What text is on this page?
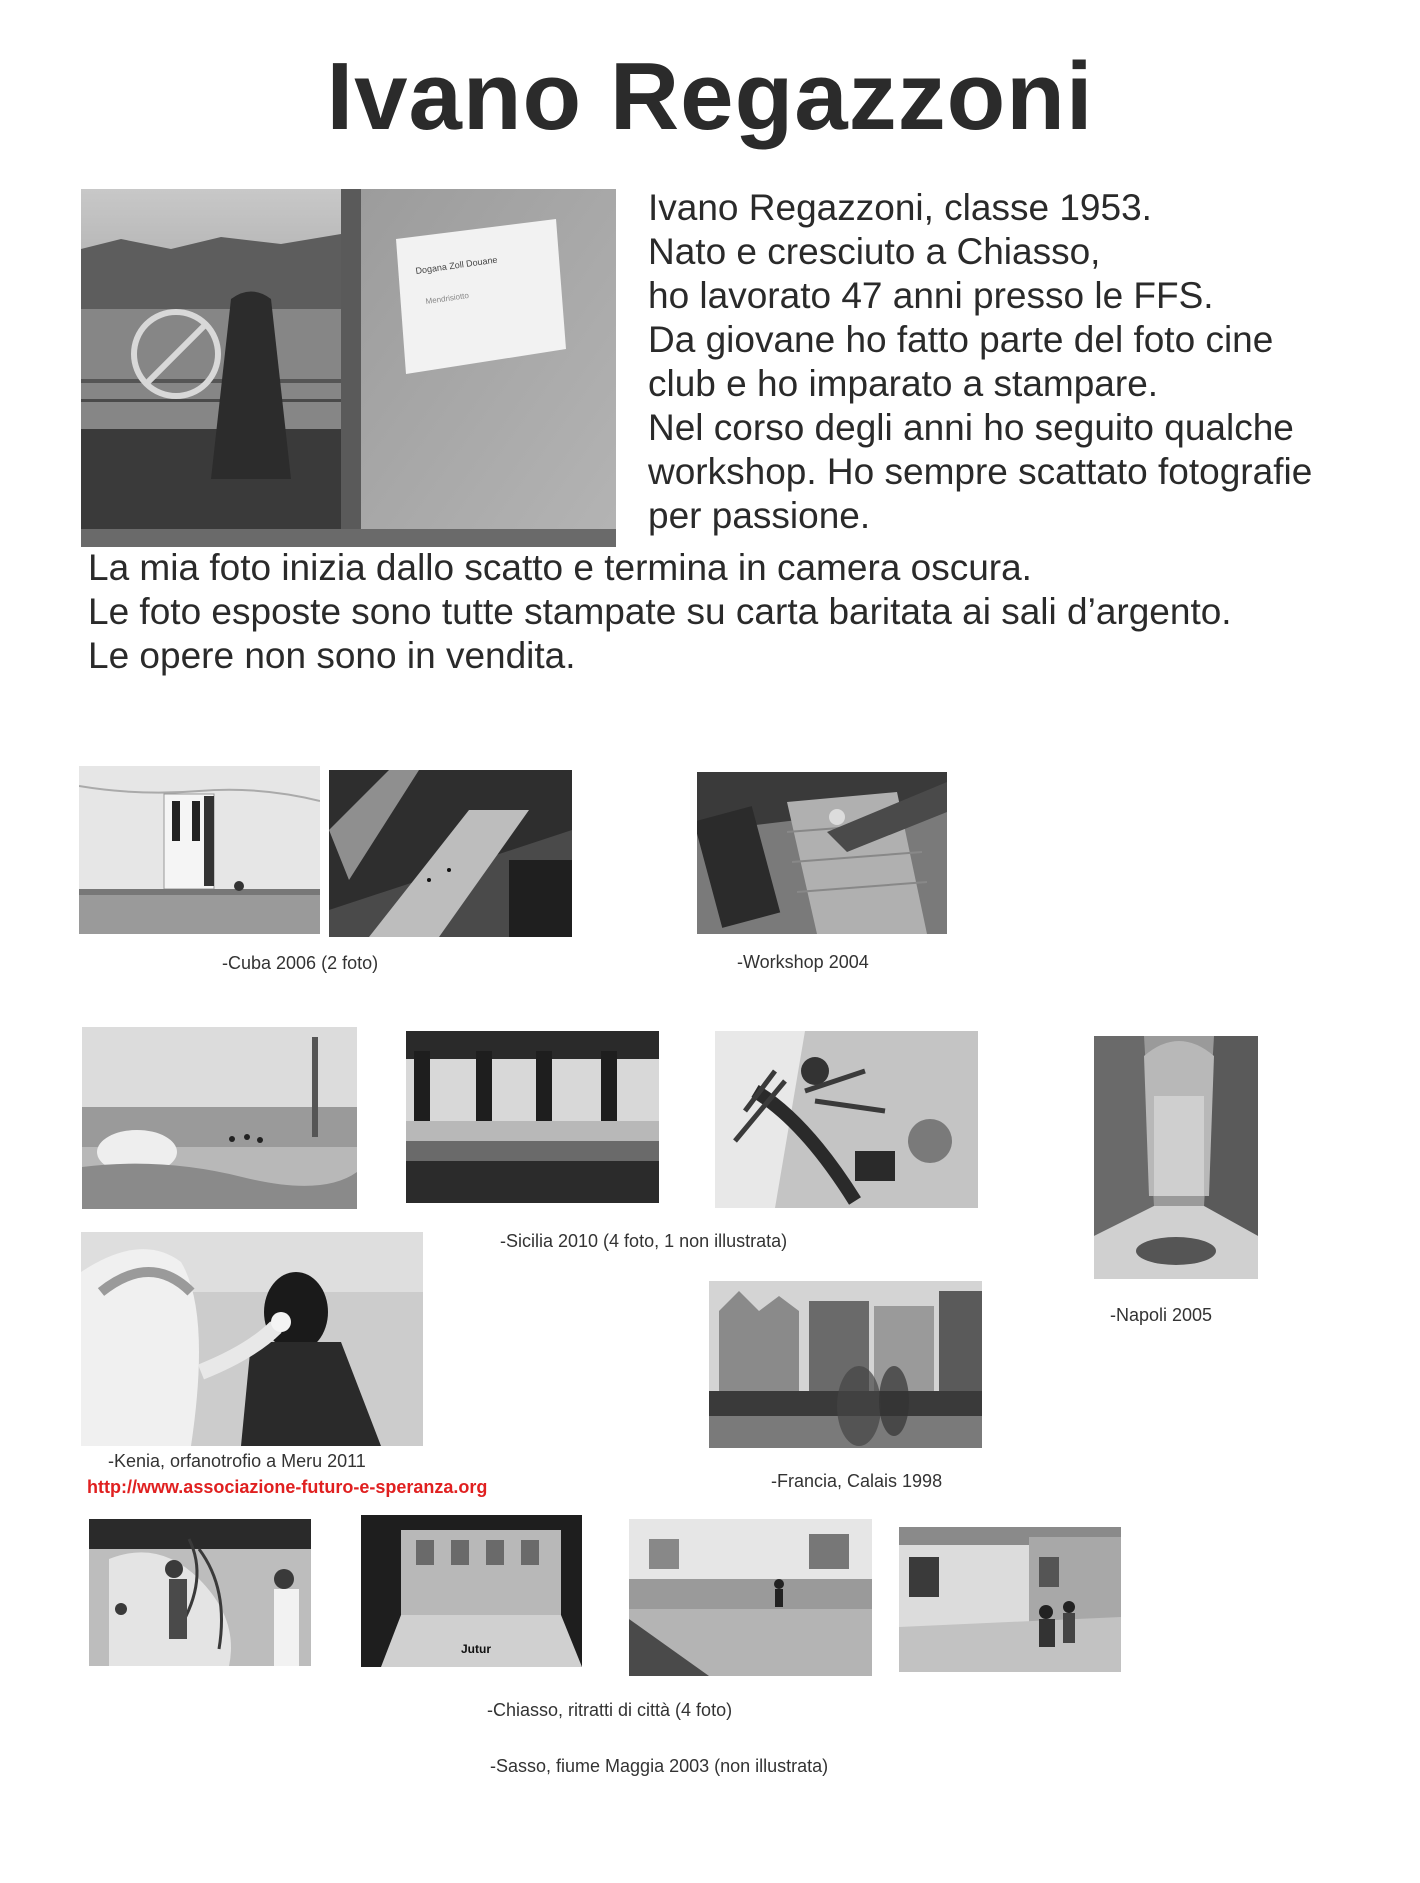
Ivano Regazzoni
Dogana Zoll Douane
Mendrisiotto
Ivano Regazzoni, classe 1953.
Nato e cresciuto a Chiasso,
ho lavorato 47 anni presso le FFS.
Da giovane ho fatto parte del foto cine
club e ho imparato a stampare.
Nel corso degli anni ho seguito qualche
workshop. Ho sempre scattato fotografie
per passione.
La mia foto inizia dallo scatto e termina in camera oscura.
Le foto esposte sono tutte stampate su carta baritata ai sali d’argento.
Le opere non sono in vendita.
-Cuba 2006 (2 foto)	-Workshop 2004
-Sicilia 2010 (4 foto, 1 non illustrata)
-Napoli 2005
-Kenia, orfanotrofio a Meru 2011
http://www.associazione-futuro-e-speranza.org	-Francia, Calais 1998
Jutur
-Chiasso, ritratti di città (4 foto)
-Sasso, fiume Maggia 2003 (non illustrata)
